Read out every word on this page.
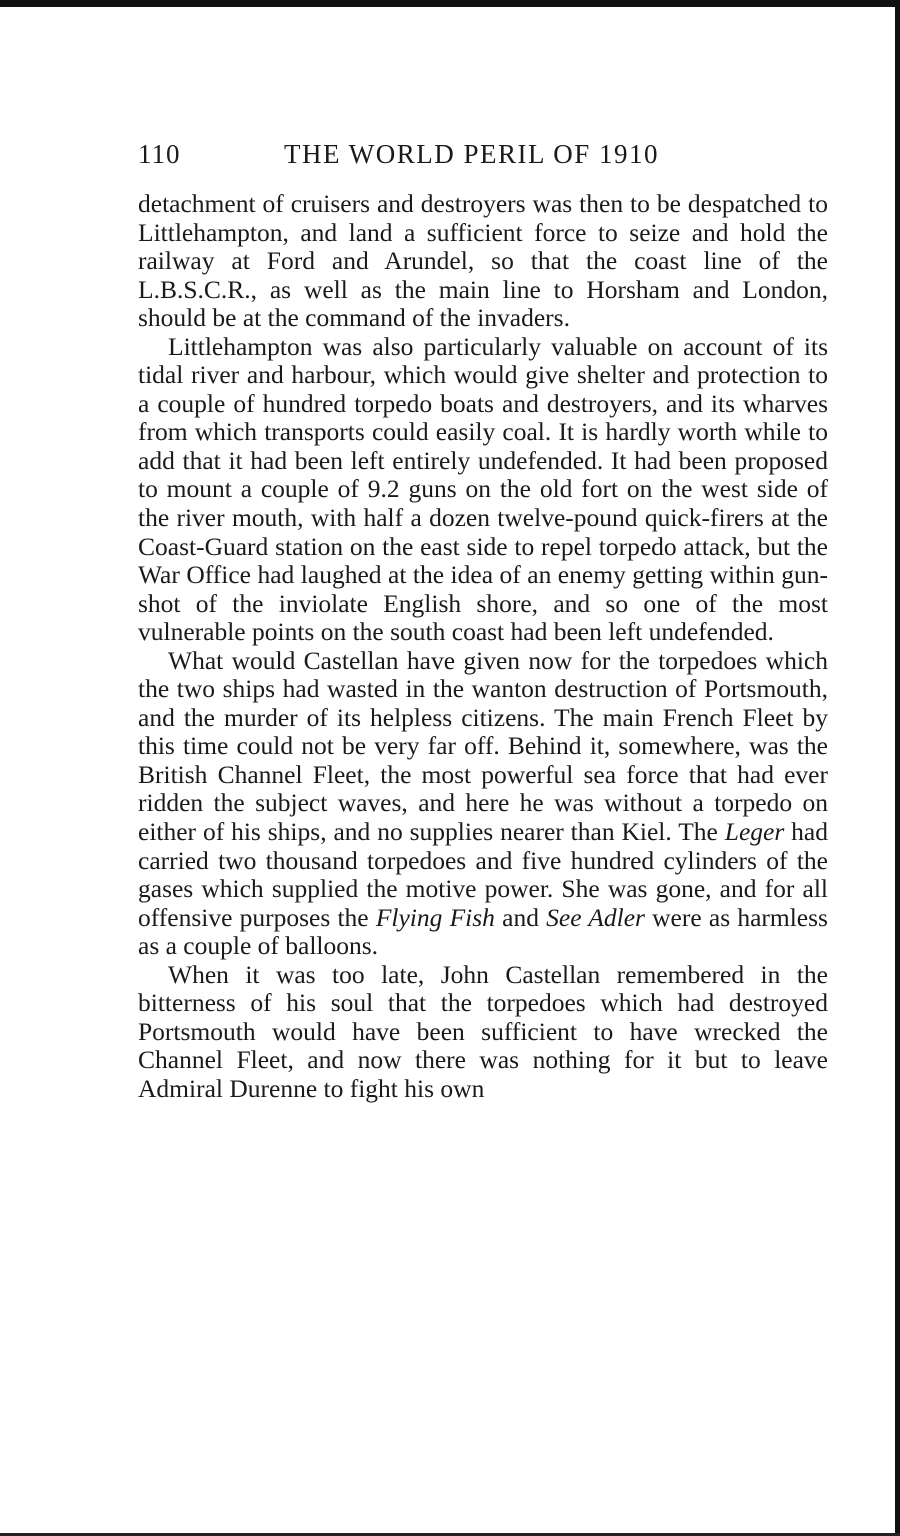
110	THE WORLD PERIL OF 1910

detachment of cruisers and destroyers was then to be despatched to Littlehampton, and land a sufficient force to seize and hold the railway at Ford and Arundel, so that the coast line of the L.B.S.C.R., as well as the main line to Horsham and London, should be at the command of the invaders.

Littlehampton was also particularly valuable on account of its tidal river and harbour, which would give shelter and protection to a couple of hundred torpedo boats and destroyers, and its wharves from which transports could easily coal. It is hardly worth while to add that it had been left entirely undefended. It had been proposed to mount a couple of 9.2 guns on the old fort on the west side of the river mouth, with half a dozen twelve-pound quick-firers at the Coast-Guard station on the east side to repel torpedo attack, but the War Office had laughed at the idea of an enemy getting within gun-shot of the inviolate English shore, and so one of the most vulnerable points on the south coast had been left undefended.

What would Castellan have given now for the torpedoes which the two ships had wasted in the wanton destruction of Portsmouth, and the murder of its helpless citizens. The main French Fleet by this time could not be very far off. Behind it, somewhere, was the British Channel Fleet, the most powerful sea force that had ever ridden the subject waves, and here he was without a torpedo on either of his ships, and no supplies nearer than Kiel. The Leger had carried two thousand torpedoes and five hundred cylinders of the gases which supplied the motive power. She was gone, and for all offensive purposes the Flying Fish and See Adler were as harmless as a couple of balloons.

When it was too late, John Castellan remembered in the bitterness of his soul that the torpedoes which had destroyed Portsmouth would have been sufficient to have wrecked the Channel Fleet, and now there was nothing for it but to leave Admiral Durenne to fight his own
